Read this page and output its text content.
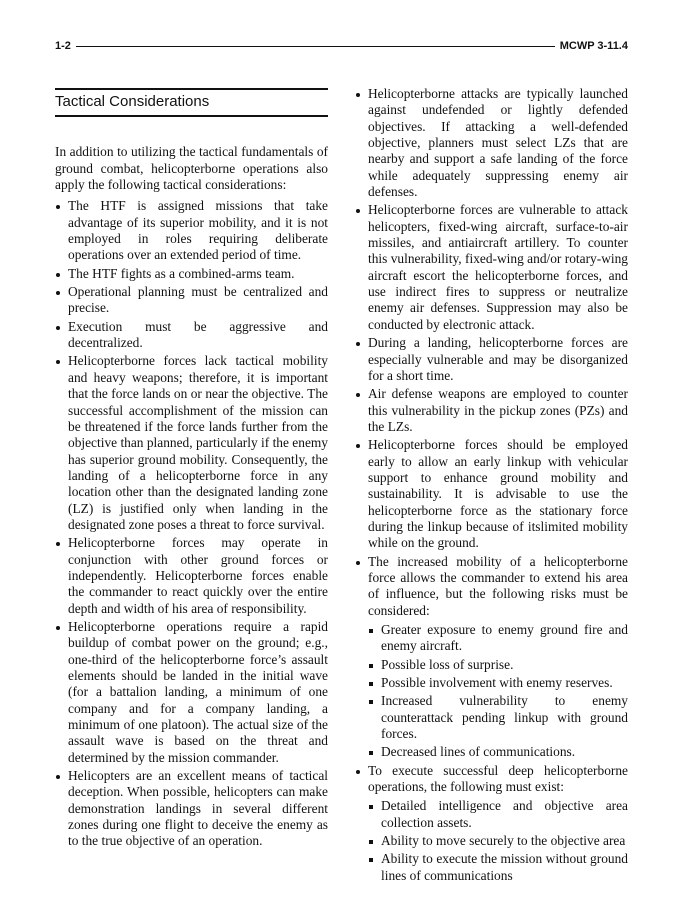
1-2	MCWP 3-11.4
Tactical Considerations

In addition to utilizing the tactical fundamentals of ground combat, helicopterborne operations also apply the following tactical considerations:

The HTF is assigned missions that take advantage of its superior mobility, and it is not employed in roles requiring deliberate operations over an extended period of time.
The HTF fights as a combined-arms team.
Operational planning must be centralized and precise.
Execution must be aggressive and decentralized.
Helicopterborne forces lack tactical mobility and heavy weapons; therefore, it is important that the force lands on or near the objective. The successful accomplishment of the mission can be threatened if the force lands further from the objective than planned, particularly if the enemy has superior ground mobility. Consequently, the landing of a helicopterborne force in any location other than the designated landing zone (LZ) is justified only when landing in the designated zone poses a threat to force survival.
Helicopterborne forces may operate in conjunction with other ground forces or independently. Helicopterborne forces enable the commander to react quickly over the entire depth and width of his area of responsibility.
Helicopterborne operations require a rapid buildup of combat power on the ground; e.g., one-third of the helicopterborne force’s assault elements should be landed in the initial wave (for a battalion landing, a minimum of one company and for a company landing, a minimum of one platoon). The actual size of the assault wave is based on the threat and determined by the mission commander.
Helicopters are an excellent means of tactical deception. When possible, helicopters can make demonstration landings in several different zones during one flight to deceive the enemy as to the true objective of an operation.
Helicopterborne attacks are typically launched against undefended or lightly defended objectives. If attacking a well-defended objective, planners must select LZs that are nearby and support a safe landing of the force while adequately suppressing enemy air defenses.
Helicopterborne forces are vulnerable to attack helicopters, fixed-wing aircraft, surface-to-air missiles, and antiaircraft artillery. To counter this vulnerability, fixed-wing and/or rotary-wing aircraft escort the helicopterborne forces, and use indirect fires to suppress or neutralize enemy air defenses. Suppression may also be conducted by electronic attack.
During a landing, helicopterborne forces are especially vulnerable and may be disorganized for a short time.
Air defense weapons are employed to counter this vulnerability in the pickup zones (PZs) and the LZs.
Helicopterborne forces should be employed early to allow an early linkup with vehicular support to enhance ground mobility and sustainability. It is advisable to use the helicopterborne force as the stationary force during the linkup because of itslimited mobility while on the ground.
The increased mobility of a helicopterborne force allows the commander to extend his area of influence, but the following risks must be considered:
Greater exposure to enemy ground fire and enemy aircraft.
Possible loss of surprise.
Possible involvement with enemy reserves.
Increased vulnerability to enemy counterattack pending linkup with ground forces.
Decreased lines of communications.
To execute successful deep helicopterborne operations, the following must exist:
Detailed intelligence and objective area collection assets.
Ability to move securely to the objective area
Ability to execute the mission without ground lines of communications
